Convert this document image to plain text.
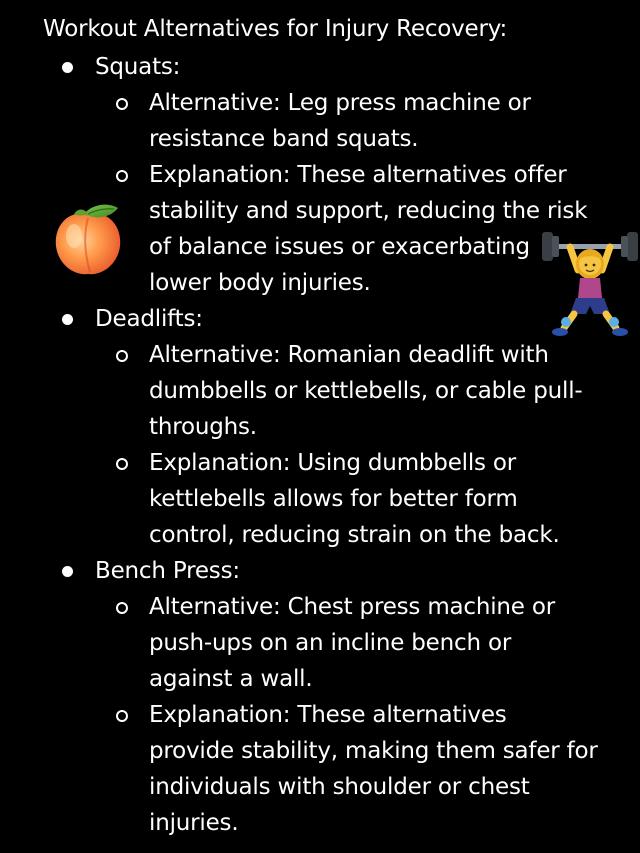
Workout Alternatives for Injury Recovery:
Squats:
Alternative: Leg press machine or
resistance band squats.
Explanation: These alternatives offer
stability and support, reducing the risk
of balance issues or exacerbating
lower body injuries.
Deadlifts:
Alternative: Romanian deadlift with
dumbbells or kettlebells, or cable pull-
throughs.
Explanation: Using dumbbells or
kettlebells allows for better form
control, reducing strain on the back.
Bench Press:
Alternative: Chest press machine or
push-ups on an incline bench or
against a wall.
Explanation: These alternatives
provide stability, making them safer for
individuals with shoulder or chest
injuries.
